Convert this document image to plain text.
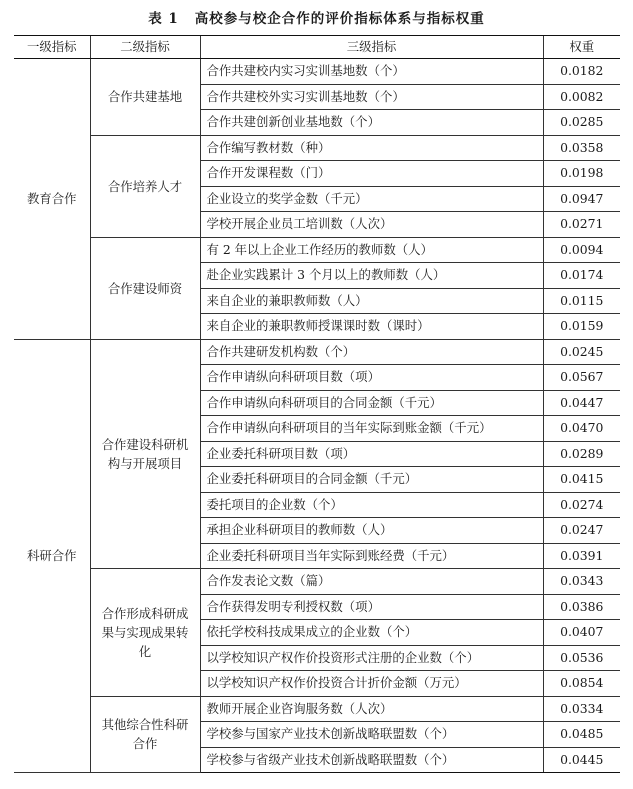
表 1 高校参与校企合作的评价指标体系与指标权重
一级指标	二级指标	三级指标	权重
教育合作	合作共建基地	合作共建校内实习实训基地数（个）	0.0182
		合作共建校外实习实训基地数（个）	0.0082
		合作共建创新创业基地数（个）	0.0285
	合作培养人才	合作编写教材数（种）	0.0358
		合作开发课程数（门）	0.0198
		企业设立的奖学金数（千元）	0.0947
		学校开展企业员工培训数（人次）	0.0271
	合作建设师资	有 2 年以上企业工作经历的教师数（人）	0.0094
		赴企业实践累计 3 个月以上的教师数（人）	0.0174
		来自企业的兼职教师数（人）	0.0115
		来自企业的兼职教师授课课时数（课时）	0.0159
科研合作	合作建设科研机构与开展项目	合作共建研发机构数（个）	0.0245
		合作申请纵向科研项目数（项）	0.0567
		合作申请纵向科研项目的合同金额（千元）	0.0447
		合作申请纵向科研项目的当年实际到账金额（千元）	0.0470
		企业委托科研项目数（项）	0.0289
		企业委托科研项目的合同金额（千元）	0.0415
		委托项目的企业数（个）	0.0274
		承担企业科研项目的教师数（人）	0.0247
		企业委托科研项目当年实际到账经费（千元）	0.0391
	合作形成科研成果与实现成果转化	合作发表论文数（篇）	0.0343
		合作获得发明专利授权数（项）	0.0386
		依托学校科技成果成立的企业数（个）	0.0407
		以学校知识产权作价投资形式注册的企业数（个）	0.0536
		以学校知识产权作价投资合计折价金额（万元）	0.0854
	其他综合性科研合作	教师开展企业咨询服务数（人次）	0.0334
		学校参与国家产业技术创新战略联盟数（个）	0.0485
		学校参与省级产业技术创新战略联盟数（个）	0.0445
